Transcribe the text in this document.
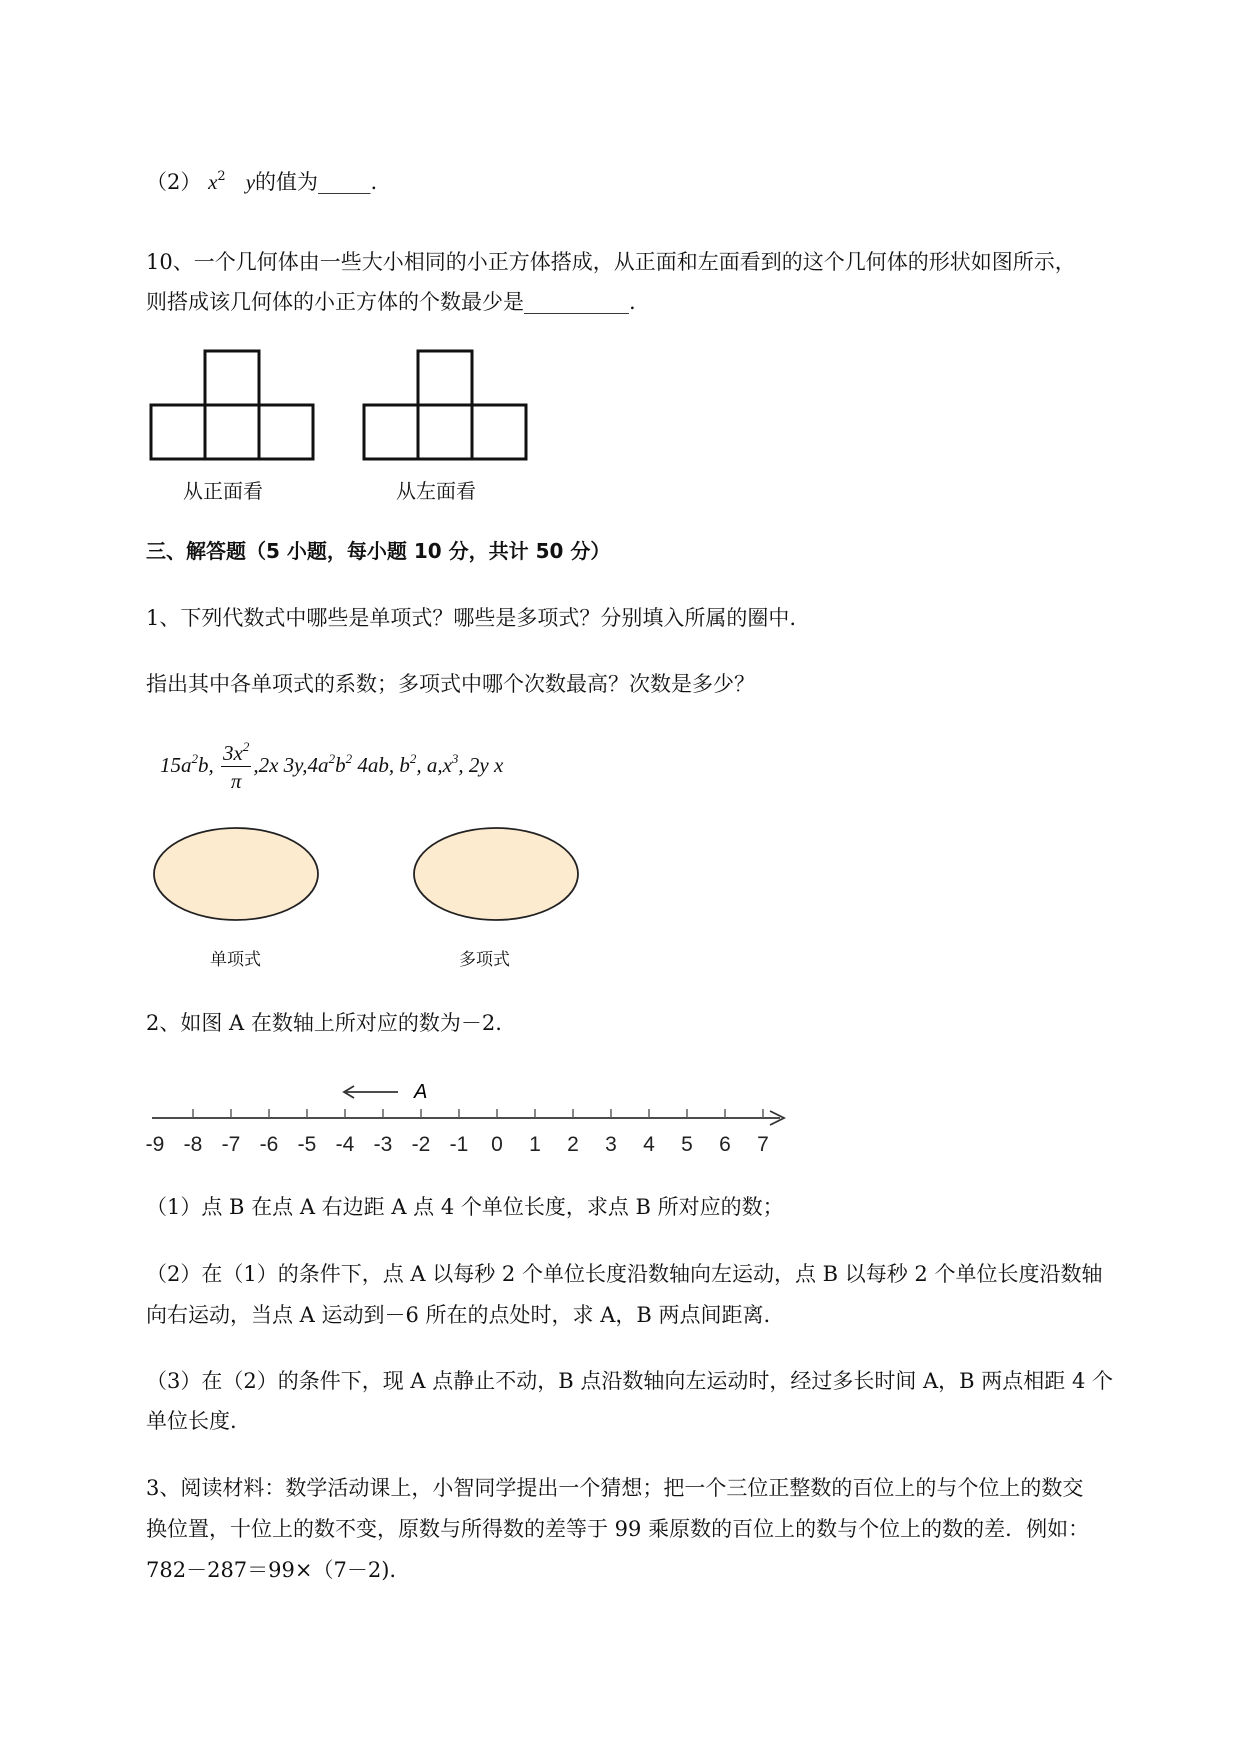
（2） $x^2$ y的值为_____.
10、一个几何体由一些大小相同的小正方体搭成，从正面和左面看到的这个几何体的形状如图所示，
则搭成该几何体的小正方体的个数最少是__________.
从正面看	从左面看
三、解答题（5 小题，每小题 10 分，共计 50 分）
1、下列代数式中哪些是单项式？哪些是多项式？分别填入所属的圈中.
指出其中各单项式的系数；多项式中哪个次数最高？次数是多少？
$15a^2b$, $\frac{3x^2}{\pi} ,2x$ $3y,4a^2b^2$ 4ab, $b^2$, $a,x^3$, 2y x
单项式	多项式
2、如图 A 在数轴上所对应的数为－2.
A
-9 -8 -7 -6 -5 -4 -3 -2 -1 0 1 2 3 4 5 6 7
（1）点 B 在点 A 右边距 A 点 4 个单位长度，求点 B 所对应的数；
（2）在（1）的条件下，点 A 以每秒 2 个单位长度沿数轴向左运动，点 B 以每秒 2 个单位长度沿数轴
向右运动，当点 A 运动到－6 所在的点处时，求 A，B 两点间距离.
（3）在（2）的条件下，现 A 点静止不动，B 点沿数轴向左运动时，经过多长时间 A，B 两点相距 4 个
单位长度.
3、阅读材料：数学活动课上，小智同学提出一个猜想；把一个三位正整数的百位上的与个位上的数交
换位置，十位上的数不变，原数与所得数的差等于 99 乘原数的百位上的数与个位上的数的差．例如：
782－287＝99×（7－2).
